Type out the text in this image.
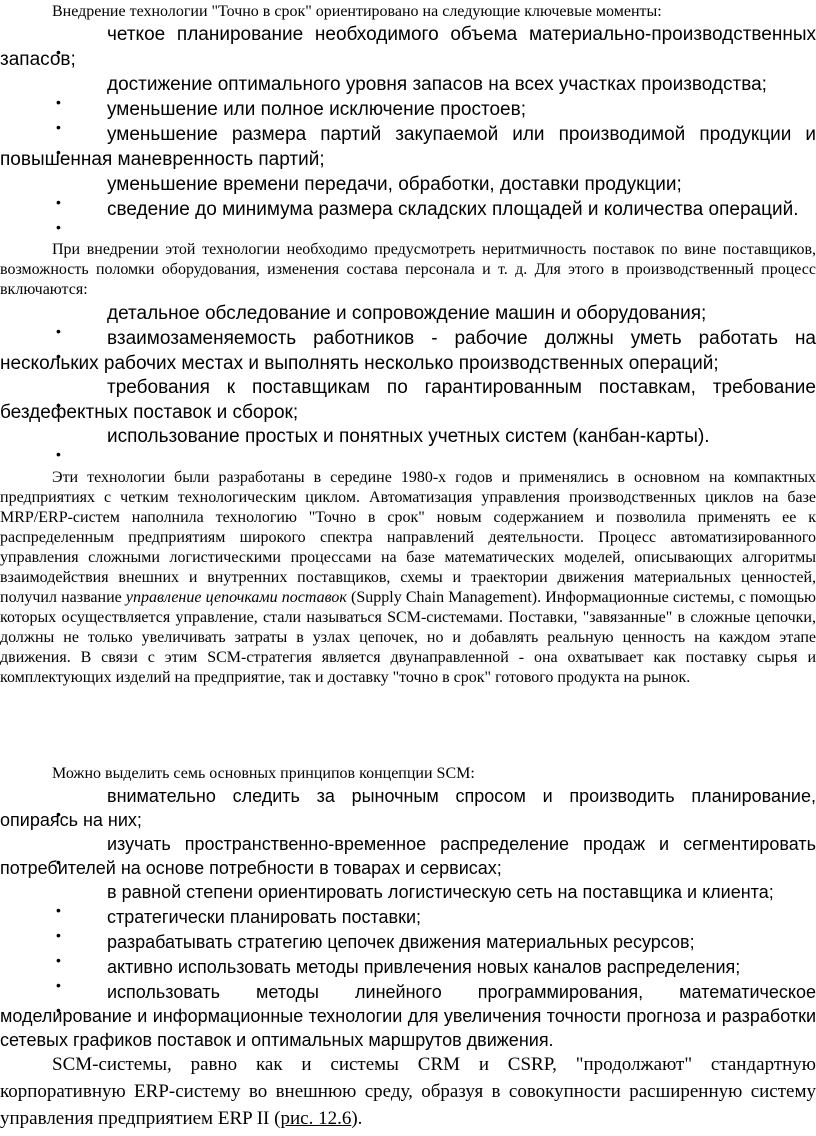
Внедрение технологии "Точно в срок" ориентировано на следующие ключевые моменты:

четкое планирование необходимого объема материально-производственных запасов;

достижение оптимального уровня запасов на всех участках производства;

уменьшение или полное исключение простоев;

уменьшение размера партий закупаемой или производимой продукции и повышенная маневренность партий;

уменьшение времени передачи, обработки, доставки продукции;

сведение до минимума размера складских площадей и количества операций.

При внедрении этой технологии необходимо предусмотреть неритмичность поставок по вине поставщиков, возможность поломки оборудования, изменения состава персонала и т. д. Для этого в производственный процесс включаются:

детальное обследование и сопровождение машин и оборудования;

взаимозаменяемость работников - рабочие должны уметь работать на нескольких рабочих местах и выполнять несколько производственных операций;

требования к поставщикам по гарантированным поставкам, требование бездефектных поставок и сборок;

использование простых и понятных учетных систем (канбан-карты).

Эти технологии были разработаны в середине 1980-х годов и применялись в основном на компактных предприятиях с четким технологическим циклом. Автоматизация управления производственных циклов на базе MRP/ERP-систем наполнила технологию "Точно в срок" новым содержанием и позволила применять ее к распределенным предприятиям широкого спектра направлений деятельности. Процесс автоматизированного управления сложными логистическими процессами на базе математических моделей, описывающих алгоритмы взаимодействия внешних и внутренних поставщиков, схемы и траектории движения материальных ценностей, получил название управление цепочками поставок (Supply Chain Management). Информационные системы, с помощью которых осуществляется управление, стали называться SCM-системами. Поставки, "завязанные" в сложные цепочки, должны не только увеличивать затраты в узлах цепочек, но и добавлять реальную ценность на каждом этапе движения. В связи с этим SCM-стратегия является двунаправленной - она охватывает как поставку сырья и комплектующих изделий на предприятие, так и доставку "точно в срок" готового продукта на рынок.

Можно выделить семь основных принципов концепции SCM:

внимательно следить за рыночным спросом и производить планирование, опираясь на них;

изучать пространственно-временное распределение продаж и сегментировать потребителей на основе потребности в товарах и сервисах;

в равной степени ориентировать логистическую сеть на поставщика и клиента;

стратегически планировать поставки;

разрабатывать стратегию цепочек движения материальных ресурсов;

активно использовать методы привлечения новых каналов распределения;

использовать методы линейного программирования, математическое моделирование и информационные технологии для увеличения точности прогноза и разработки сетевых графиков поставок и оптимальных маршрутов движения.

SCM-системы, равно как и системы CRM и CSRP, "продолжают" стандартную корпоративную ERP-систему во внешнюю среду, образуя в совокупности расширенную систему управления предприятием ERP II (рис. 12.6).
